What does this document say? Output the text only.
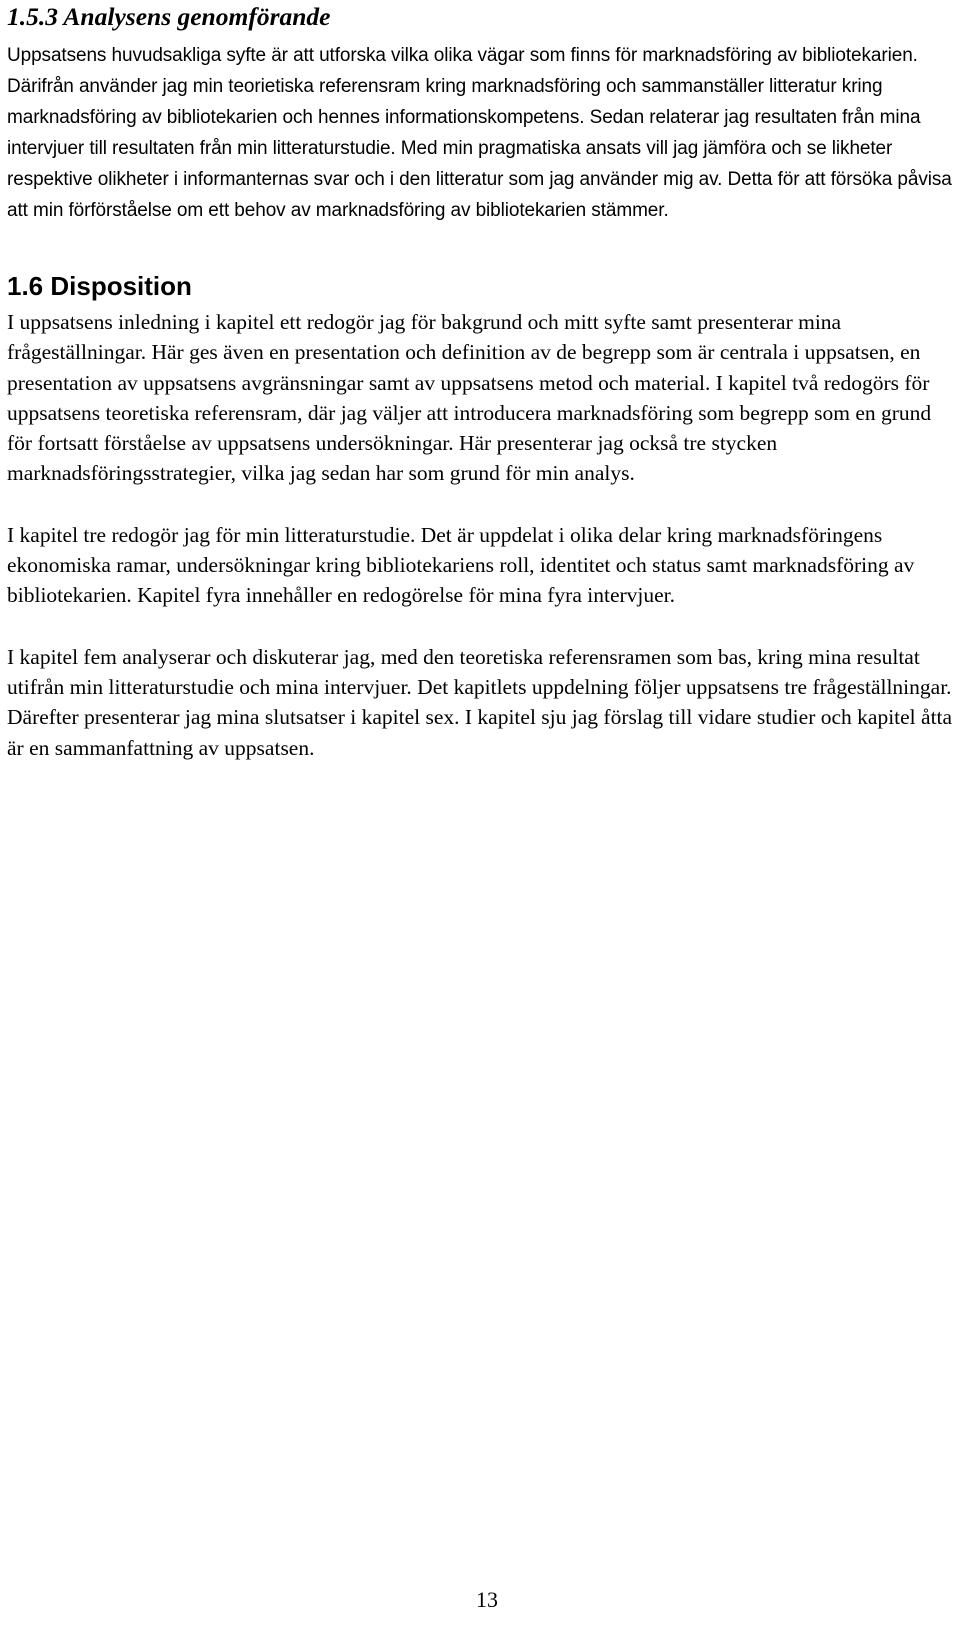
1.5.3 Analysens genomförande

Uppsatsens huvudsakliga syfte är att utforska vilka olika vägar som finns för marknadsföring av bibliotekarien. Därifrån använder jag min teorietiska referensram kring marknadsföring och sammanställer litteratur kring marknadsföring av bibliotekarien och hennes informationskompetens. Sedan relaterar jag resultaten från mina intervjuer till resultaten från min litteraturstudie. Med min pragmatiska ansats vill jag jämföra och se likheter respektive olikheter i informanternas svar och i den litteratur som jag använder mig av. Detta för att försöka påvisa att min förförståelse om ett behov av marknadsföring av bibliotekarien stämmer.

1.6 Disposition

I uppsatsens inledning i kapitel ett redogör jag för bakgrund och mitt syfte samt presenterar mina frågeställningar. Här ges även en presentation och definition av de begrepp som är centrala i uppsatsen, en presentation av uppsatsens avgränsningar samt av uppsatsens metod och material. I kapitel två redogörs för uppsatsens teoretiska referensram, där jag väljer att introducera marknadsföring som begrepp som en grund för fortsatt förståelse av uppsatsens undersökningar. Här presenterar jag också tre stycken marknadsföringsstrategier, vilka jag sedan har som grund för min analys.

I kapitel tre redogör jag för min litteraturstudie. Det är uppdelat i olika delar kring marknadsföringens ekonomiska ramar, undersökningar kring bibliotekariens roll, identitet och status samt marknadsföring av bibliotekarien. Kapitel fyra innehåller en redogörelse för mina fyra intervjuer.

I kapitel fem analyserar och diskuterar jag, med den teoretiska referensramen som bas, kring mina resultat utifrån min litteraturstudie och mina intervjuer. Det kapitlets uppdelning följer uppsatsens tre frågeställningar. Därefter presenterar jag mina slutsatser i kapitel sex. I kapitel sju jag förslag till vidare studier och kapitel åtta är en sammanfattning av uppsatsen.

13
